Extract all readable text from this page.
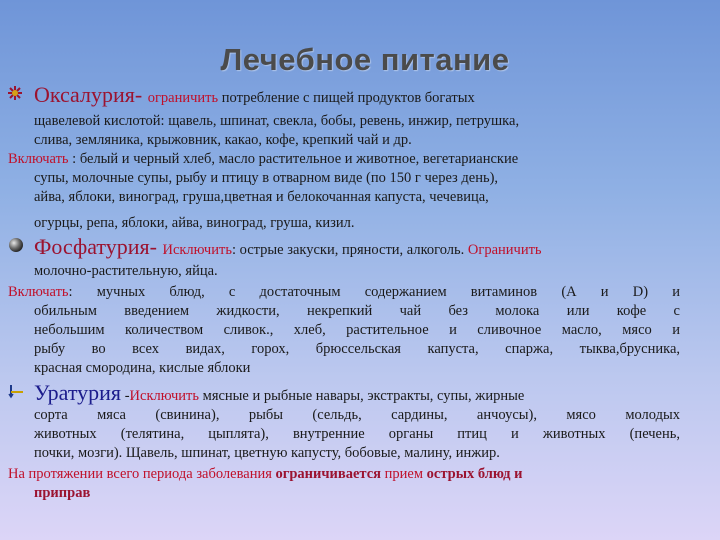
Лечебное питание
Оксалурия- ограничить потребление с пищей продуктов богатых
щавелевой кислотой: щавель, шпинат, свекла, бобы, ревень, инжир, петрушка,
слива, земляника, крыжовник, какао, кофе, крепкий чай и др.
Включать : белый и черный хлеб, масло растительное и животное, вегетарианские
супы, молочные супы, рыбу и птицу в отварном виде (по 150 г через день),
айва, яблоки, виноград, груша,цветная и белокочанная капуста, чечевица,
огурцы, репа, яблоки, айва, виноград, груша, кизил.
Фосфатурия- Исключить: острые закуски, пряности, алкоголь. Ограничить
молочно-растительную, яйца.
Включать: мучных блюд, с достаточным содержанием витаминов (А и D) и
обильным введением жидкости, некрепкий чай без молока или кофе с
небольшим количеством сливок., хлеб, растительное и сливочное масло, мясо и
рыбу во всех видах, горох, брюссельская капуста, спаржа, тыква,брусника,
красная смородина, кислые яблоки
Уратурия -Исключить мясные и рыбные навары, экстракты, супы, жирные
сорта мяса (свинина), рыбы (сельдь, сардины, анчоусы), мясо молодых
животных (телятина, цыплята), внутренние органы птиц и животных (печень,
почки, мозги). Щавель, шпинат, цветную капусту, бобовые, малину, инжир.
На протяжении всего периода заболевания ограничивается прием острых блюд и
приправ
